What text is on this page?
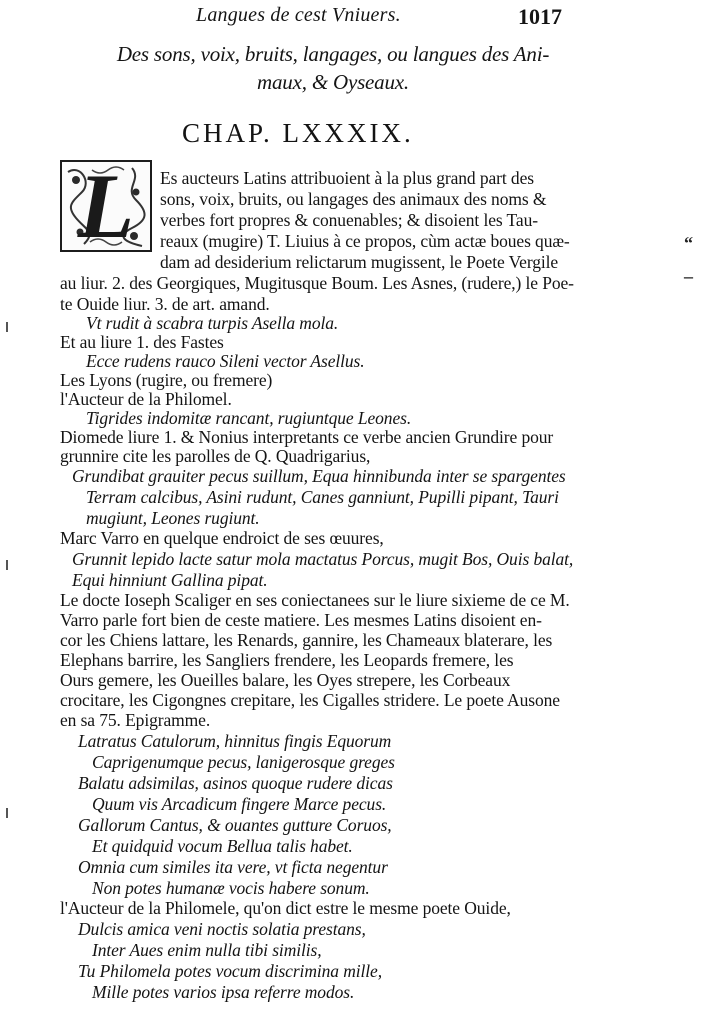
Langues de cest Vniuers.	1017
Des sons, voix, bruits, langages, ou langues des Ani-
maux, & Oyseaux.
CHAP. LXXXIX.
L	“
–
Es aucteurs Latins attribuoient à la plus grand part des
sons, voix, bruits, ou langages des animaux des noms &
verbes fort propres & conuenables; & disoient les Tau-
reaux (mugire) T. Liuius à ce propos, cùm actæ boues quæ-
dam ad desiderium relictarum mugissent, le Poete Vergile
au liur. 2. des Georgiques, Mugitusque Boum. Les Asnes, (rudere,) le Poe-
te Ouide liur. 3. de art. amand.
Vt rudit à scabra turpis Asella mola.
Et au liure 1. des Fastes
Ecce rudens rauco Sileni vector Asellus.
Les Lyons (rugire, ou fremere)
l'Aucteur de la Philomel.
Tigrides indomitæ rancant, rugiuntque Leones.
Diomede liure 1. & Nonius interpretants ce verbe ancien Grundire pour
grunnire cite les parolles de Q. Quadrigarius,
Grundibat grauiter pecus suillum, Equa hinnibunda inter se spargentes
Terram calcibus, Asini rudunt, Canes ganniunt, Pupilli pipant, Tauri
mugiunt, Leones rugiunt.
Marc Varro en quelque endroict de ses œuures,
Grunnit lepido lacte satur mola mactatus Porcus, mugit Bos, Ouis balat,
Equi hinniunt Gallina pipat.
Le docte Ioseph Scaliger en ses coniectanees sur le liure sixieme de ce M.
Varro parle fort bien de ceste matiere. Les mesmes Latins disoient en-
cor les Chiens lattare, les Renards, gannire, les Chameaux blaterare, les
Elephans barrire, les Sangliers frendere, les Leopards fremere, les
Ours gemere, les Oueilles balare, les Oyes strepere, les Corbeaux
crocitare, les Cigongnes crepitare, les Cigalles stridere. Le poete Ausone
en sa 75. Epigramme.
Latratus Catulorum, hinnitus fingis Equorum
Caprigenumque pecus, lanigerosque greges
Balatu adsimilas, asinos quoque rudere dicas
Quum vis Arcadicum fingere Marce pecus.
Gallorum Cantus, & ouantes gutture Coruos,
Et quidquid vocum Bellua talis habet.
Omnia cum similes ita vere, vt ficta negentur
Non potes humanæ vocis habere sonum.
l'Aucteur de la Philomele, qu'on dict estre le mesme poete Ouide,
Dulcis amica veni noctis solatia prestans,
Inter Aues enim nulla tibi similis,
Tu Philomela potes vocum discrimina mille,
Mille potes varios ipsa referre modos.
